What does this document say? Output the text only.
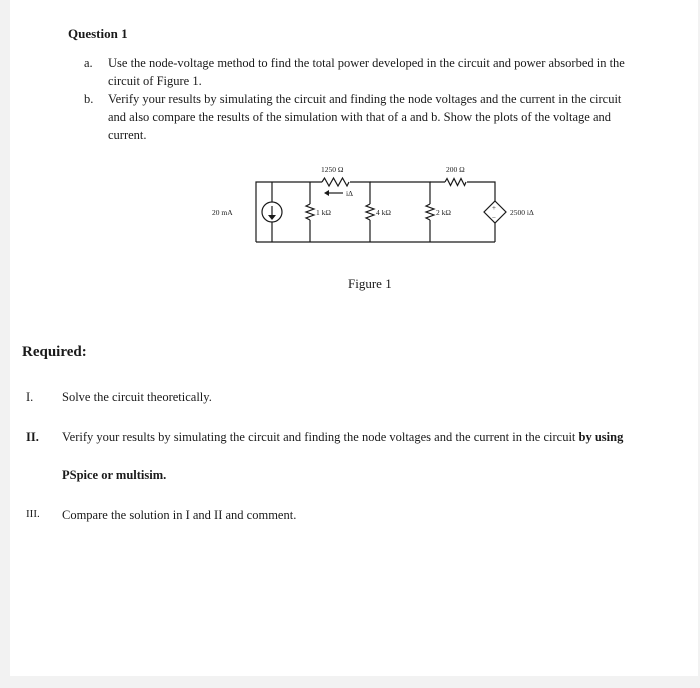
Question 1
a. Use the node-voltage method to find the total power developed in the circuit and power absorbed in the circuit of Figure 1.
b. Verify your results by simulating the circuit and finding the node voltages and the current in the circuit and also compare the results of the simulation with that of a and b. Show the plots of the voltage and current.
20 mA
1250 Ω
iΔ
200 Ω
1 kΩ	4 kΩ	2 kΩ	2500 iΔ
+
−
Figure 1
Required:
I. Solve the circuit theoretically.
II. Verify your results by simulating the circuit and finding the node voltages and the current in the circuit by using
PSpice or multisim.
III. Compare the solution in I and II and comment.
